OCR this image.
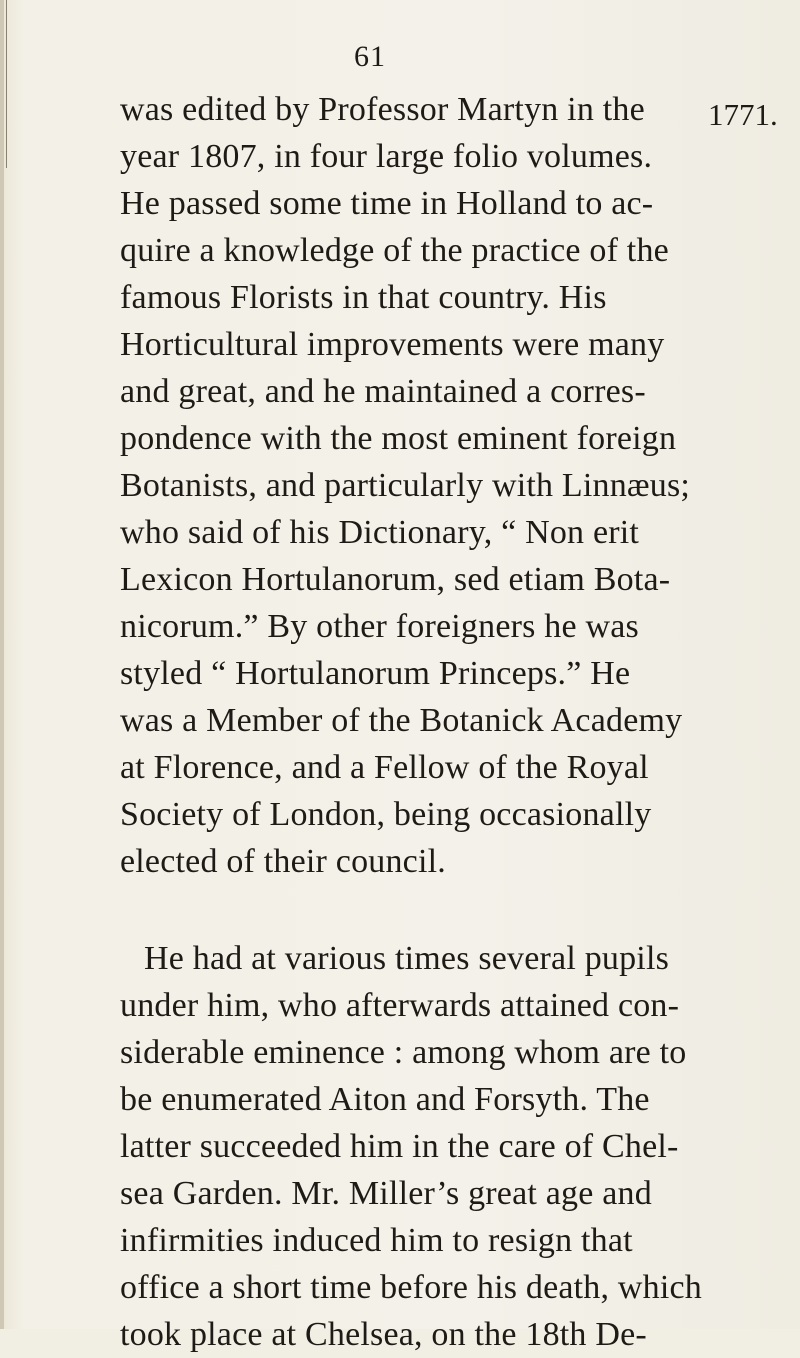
61
1771.
was edited by Professor Martyn in the
year 1807, in four large folio volumes.
He passed some time in Holland to ac-
quire a knowledge of the practice of the
famous Florists in that country. His
Horticultural improvements were many
and great, and he maintained a corres-
pondence with the most eminent foreign
Botanists, and particularly with Linnæus;
who said of his Dictionary, “ Non erit
Lexicon Hortulanorum, sed etiam Bota-
nicorum.” By other foreigners he was
styled “ Hortulanorum Princeps.” He
was a Member of the Botanick Academy
at Florence, and a Fellow of the Royal
Society of London, being occasionally
elected of their council.
He had at various times several pupils
under him, who afterwards attained con-
siderable eminence : among whom are to
be enumerated Aiton and Forsyth. The
latter succeeded him in the care of Chel-
sea Garden. Mr. Miller’s great age and
infirmities induced him to resign that
office a short time before his death, which
took place at Chelsea, on the 18th De-
